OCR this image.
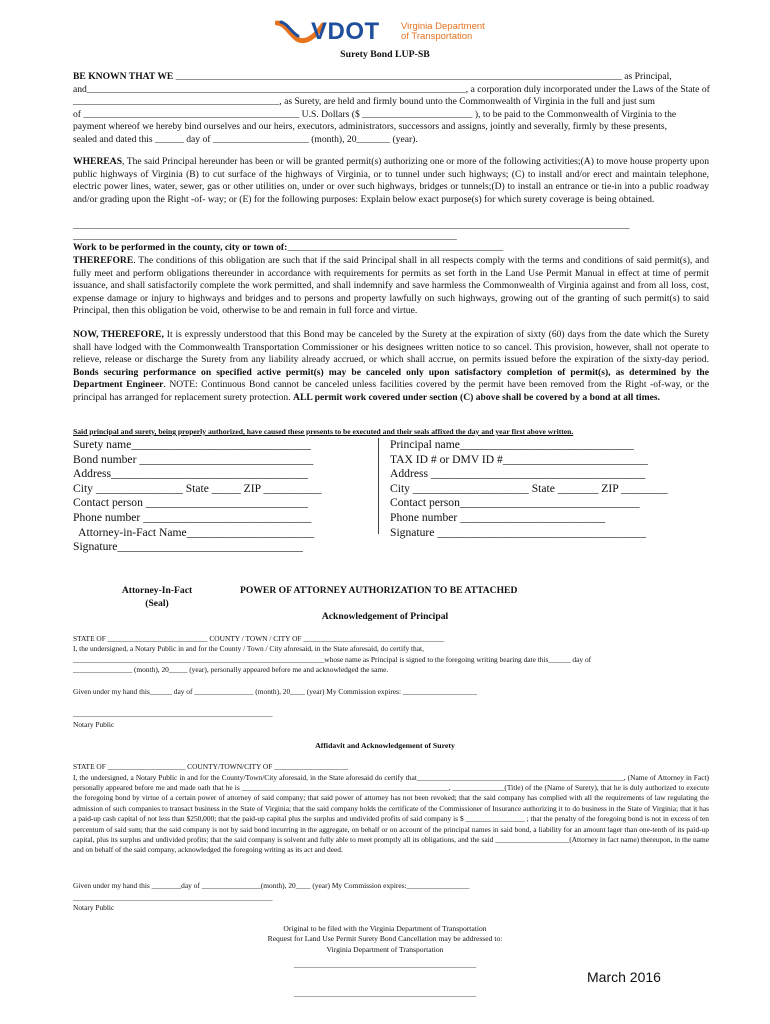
VDOT Virginia Department
of Transportation
Surety Bond LUP-SB
BE KNOWN THAT WE _____________________________________________________________________________________________ as Principal,
and_______________________________________________________________________________, a corporation duly incorporated under the Laws of the State of
___________________________________________, as Surety, are held and firmly bound unto the Commonwealth of Virginia in the full and just sum
of _____________________________________________ U.S. Dollars ($ _______________________ ), to be paid to the Commonwealth of Virginia to the
payment whereof we hereby bind ourselves and our heirs, executors, administrators, successors and assigns, jointly and severally, firmly by these presents,
sealed and dated this ______ day of ____________________ (month), 20_______ (year).

WHEREAS, The said Principal hereunder has been or will be granted permit(s) authorizing one or more of the following activities;(A) to move house property upon public highways of Virginia (B) to cut surface of the highways of Virginia, or to tunnel under such highways; (C) to install and/or erect and maintain telephone, electric power lines, water, sewer, gas or other utilities on, under or over such highways, bridges or tunnels;(D) to install an entrance or tie-in into a public roadway and/or grading upon the Right -of- way; or (E) for the following purposes: Explain below exact purpose(s) for which surety coverage is being obtained.

____________________________________________________________________________________________________________________
________________________________________________________________________________
Work to be performed in the county, city or town of:_____________________________________________

THEREFORE. The conditions of this obligation are such that if the said Principal shall in all respects comply with the terms and conditions of said permit(s), and fully meet and perform obligations thereunder in accordance with requirements for permits as set forth in the Land Use Permit Manual in effect at time of permit issuance, and shall satisfactorily complete the work permitted, and shall indemnify and save harmless the Commonwealth of Virginia against and from all loss, cost, expense damage or injury to highways and bridges and to persons and property lawfully on such highways, growing out of the granting of such permit(s) to said Principal, then this obligation be void, otherwise to be and remain in full force and virtue.

NOW, THEREFORE, It is expressly understood that this Bond may be canceled by the Surety at the expiration of sixty (60) days from the date which the Surety shall have lodged with the Commonwealth Transportation Commissioner or his designees written notice to so cancel. This provision, however, shall not operate to relieve, release or discharge the Surety from any liability already accrued, or which shall accrue, on permits issued before the expiration of the sixty-day period. Bonds securing performance on specified active permit(s) may be canceled only upon satisfactory completion of permit(s), as determined by the Department Engineer. NOTE: Continuous Bond cannot be canceled unless facilities covered by the permit have been removed from the Right -of-way, or the principal has arranged for replacement surety protection. ALL permit work covered under section (C) above shall be covered by a bond at all times.

Said principal and surety, being properly authorized, have caused these presents to be executed and their seals affixed the day and year first above written.
Surety name_______________________________
Bond number ______________________________
Address__________________________________
City _______________ State _____ ZIP __________
Contact person ____________________________
Phone number _____________________________
Attorney-in-Fact Name______________________
Signature________________________________
Principal name______________________________
TAX ID # or DMV ID #_________________________
Address _____________________________________
City ____________________ State _______ ZIP ________
Contact person_______________________________
Phone number _________________________
Signature ____________________________________
Attorney-In-Fact
(Seal)
POWER OF ATTORNEY AUTHORIZATION TO BE ATTACHED
Acknowledgement of Principal
STATE OF ___________________________ COUNTY / TOWN / CITY OF ______________________________________
I, the undersigned, a Notary Public in and for the County / Town / City aforesaid, in the State aforesaid, do certify that,
____________________________________________________________________whose name as Principal is signed to the foregoing writing bearing date this______ day of
________________ (month), 20_____ (year), personally appeared before me and acknowledged the same.
Given under my hand this______ day of ________________ (month), 20____ (year) My Commission expires: ____________________
______________________________________________________
Notary Public
Affidavit and Acknowledgement of Surety
STATE OF _____________________ COUNTY/TOWN/CITY OF ____________________

I, the undersigned, a Notary Public in and for the County/Town/City aforesaid, in the State aforesaid do certify that________________________________________________________, (Name of Attorney in Fact) personally appeared before me and made oath that he is ________________________________________________________, ______________(Title) of the (Name of Surety), that he is duly authorized to execute the foregoing bond by virtue of a certain power of attorney of said company; that said power of attorney has not been revoked; that the said company has complied with all the requirements of law regulating the admission of such companies to transact business in the State of Virginia; that the said company holds the certificate of the Commissioner of Insurance authorizing it to do business in the State of Virginia; that it has a paid-up cash capital of not less than $250,000; that the paid-up capital plus the surplus and undivided profits of said company is $ ________________ ; that the penalty of the foregoing bond is not in excess of ten percentum of said sum; that the said company is not by said bond incurring in the aggregate, on behalf or on account of the principal names in said bond, a liability for an amount lager than one-tenth of its paid-up capital, plus its surplus and undivided profits; that the said company is solvent and fully able to meet promptly all its obligations, and the said ____________________(Attorney in fact name) thereupon, in the name and on behalf of the said company, acknowledged the foregoing writing as its act and deed.

Given under my hand this ________day of ________________(month), 20____ (year) My Commission expires:_________________
______________________________________________________
Notary Public
Original to be filed with the Virginia Department of Transportation
Request for Land Use Permit Surety Bond Cancellation may be addressed to:
Virginia Department of Transportation
________________________________________________
________________________________________________
March 2016
